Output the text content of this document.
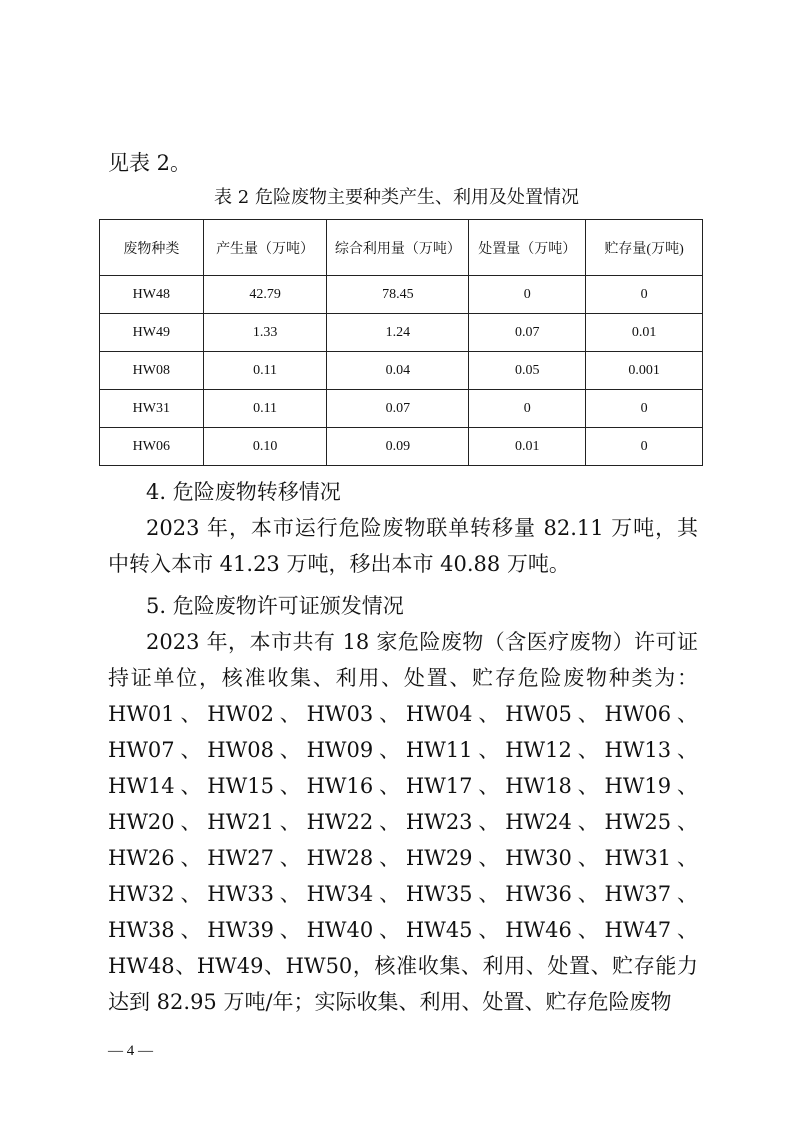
见表 2。
表 2 危险废物主要种类产生、利用及处置情况
废物种类	产生量（万吨）	综合利用量（万吨）	处置量（万吨）	贮存量(万吨)
HW48	42.79	78.45	0	0
HW49	1.33	1.24	0.07	0.01
HW08	0.11	0.04	0.05	0.001
HW31	0.11	0.07	0	0
HW06	0.10	0.09	0.01	0
4. 危险废物转移情况
2023 年，本市运行危险废物联单转移量 82.11 万吨，其中转入本市 41.23 万吨，移出本市 40.88 万吨。
5. 危险废物许可证颁发情况
2023 年，本市共有 18 家危险废物（含医疗废物）许可证持证单位，核准收集、利用、处置、贮存危险废物种类为：HW01、HW02、HW03、HW04、HW05、HW06、HW07、HW08、HW09、HW11、HW12、HW13、HW14、HW15、HW16、HW17、HW18、HW19、HW20、HW21、HW22、HW23、HW24、HW25、HW26、HW27、HW28、HW29、HW30、HW31、HW32、HW33、HW34、HW35、HW36、HW37、HW38、HW39、HW40、HW45、HW46、HW47、HW48、HW49、HW50，核准收集、利用、处置、贮存能力达到 82.95 万吨/年；实际收集、利用、处置、贮存危险废物
— 4 —
